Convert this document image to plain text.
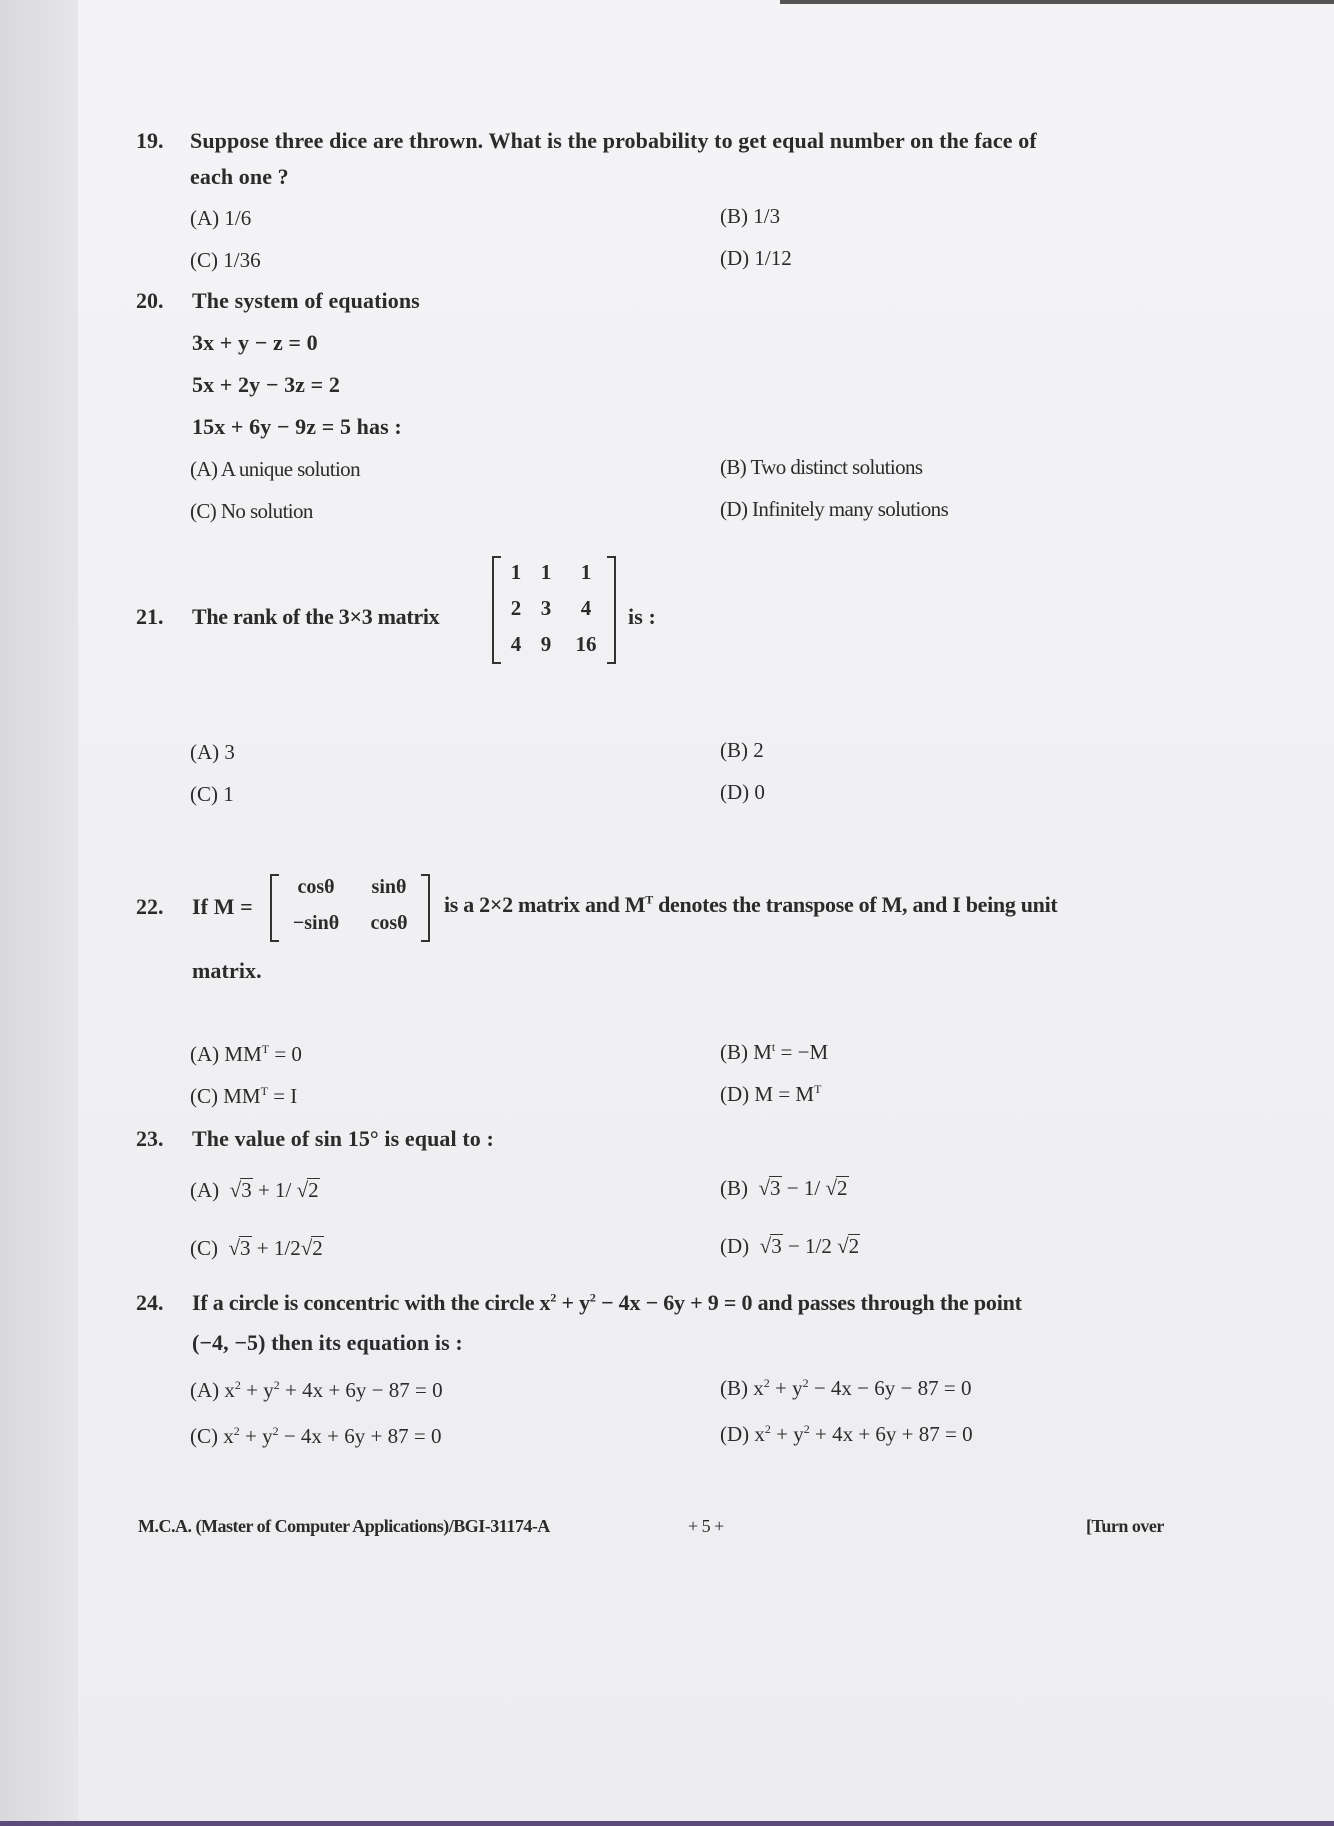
19. Suppose three dice are thrown. What is the probability to get equal number on the face of
each one ?
(A) 1/6	(B) 1/3
(C) 1/36	(D) 1/12
20. The system of equations
3x + y − z = 0
5x + 2y − 3z = 2
15x + 6y − 9z = 5 has :
(A) A unique solution	(B) Two distinct solutions
(C) No solution	(D) Infinitely many solutions
21. The rank of the 3×3 matrix
1 1	1
2 3	4
4 9	16
is :
(A) 3	(B) 2
(C) 1	(D) 0
22. If M =
cosθ	sinθ
−sinθ	cosθ
is a 2×2 matrix and $M^T$ denotes the transpose of M, and I being unit
matrix.
(A) $MM^T = 0$	(B) $M^t = -M$
(C) $MM^T = I$	(D) $M = M^T$
23. The value of sin 15° is equal to :
(A)  √3 + 1/ √2	(B)  √3 − 1/ √2
(C)  √3 + 1/2√2	(D)  √3 − 1/2 √2
24. If a circle is concentric with the circle $x^2 + y^2 - 4x - 6y + 9 = 0$ and passes through the point
(−4, −5) then its equation is :
(A) $x^2 + y^2 + 4x + 6y - 87 = 0$	(B) $x^2 + y^2 - 4x - 6y - 87 = 0$
(C) $x^2 + y^2 - 4x + 6y + 87 = 0$	(D) $x^2 + y^2 + 4x + 6y + 87 = 0$
M.C.A. (Master of Computer Applications)/BGI-31174-A	+ 5 +	[Turn over
